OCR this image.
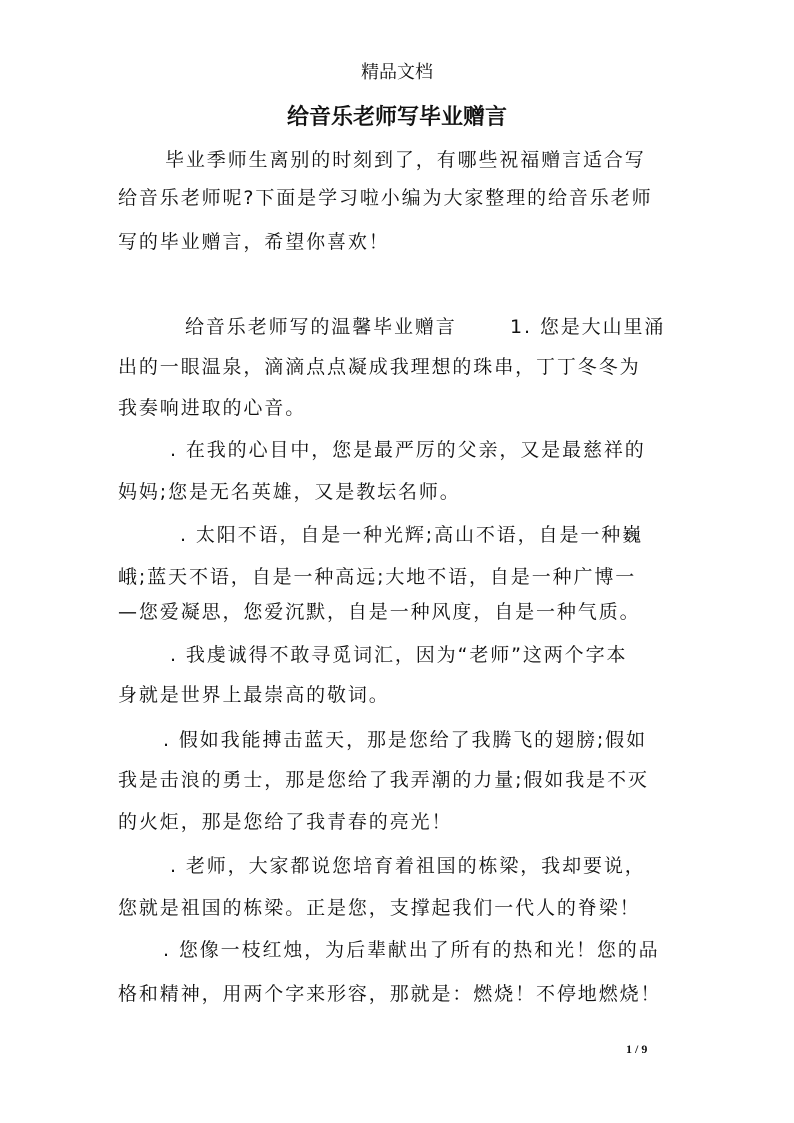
精品文档
给音乐老师写毕业赠言
毕业季师生离别的时刻到了，有哪些祝福赠言适合写
给音乐老师呢?下面是学习啦小编为大家整理的给音乐老师
写的毕业赠言，希望你喜欢！
给音乐老师写的温馨毕业赠言	1. 您是大山里涌
出的一眼温泉，滴滴点点凝成我理想的珠串，丁丁冬冬为
我奏响进取的心音。
. 在我的心目中，您是最严厉的父亲，又是最慈祥的
妈妈;您是无名英雄，又是教坛名师。
. 太阳不语，自是一种光辉;高山不语，自是一种巍
峨;蓝天不语，自是一种高远;大地不语，自是一种广博一
—您爱凝思，您爱沉默，自是一种风度，自是一种气质。
. 我虔诚得不敢寻觅词汇，因为“老师”这两个字本
身就是世界上最崇高的敬词。
. 假如我能搏击蓝天，那是您给了我腾飞的翅膀;假如
我是击浪的勇士，那是您给了我弄潮的力量;假如我是不灭
的火炬，那是您给了我青春的亮光！
. 老师，大家都说您培育着祖国的栋梁，我却要说，
您就是祖国的栋梁。正是您，支撑起我们一代人的脊梁！
. 您像一枝红烛，为后辈献出了所有的热和光！您的品
格和精神，用两个字来形容，那就是：燃烧！不停地燃烧！
1 / 9
